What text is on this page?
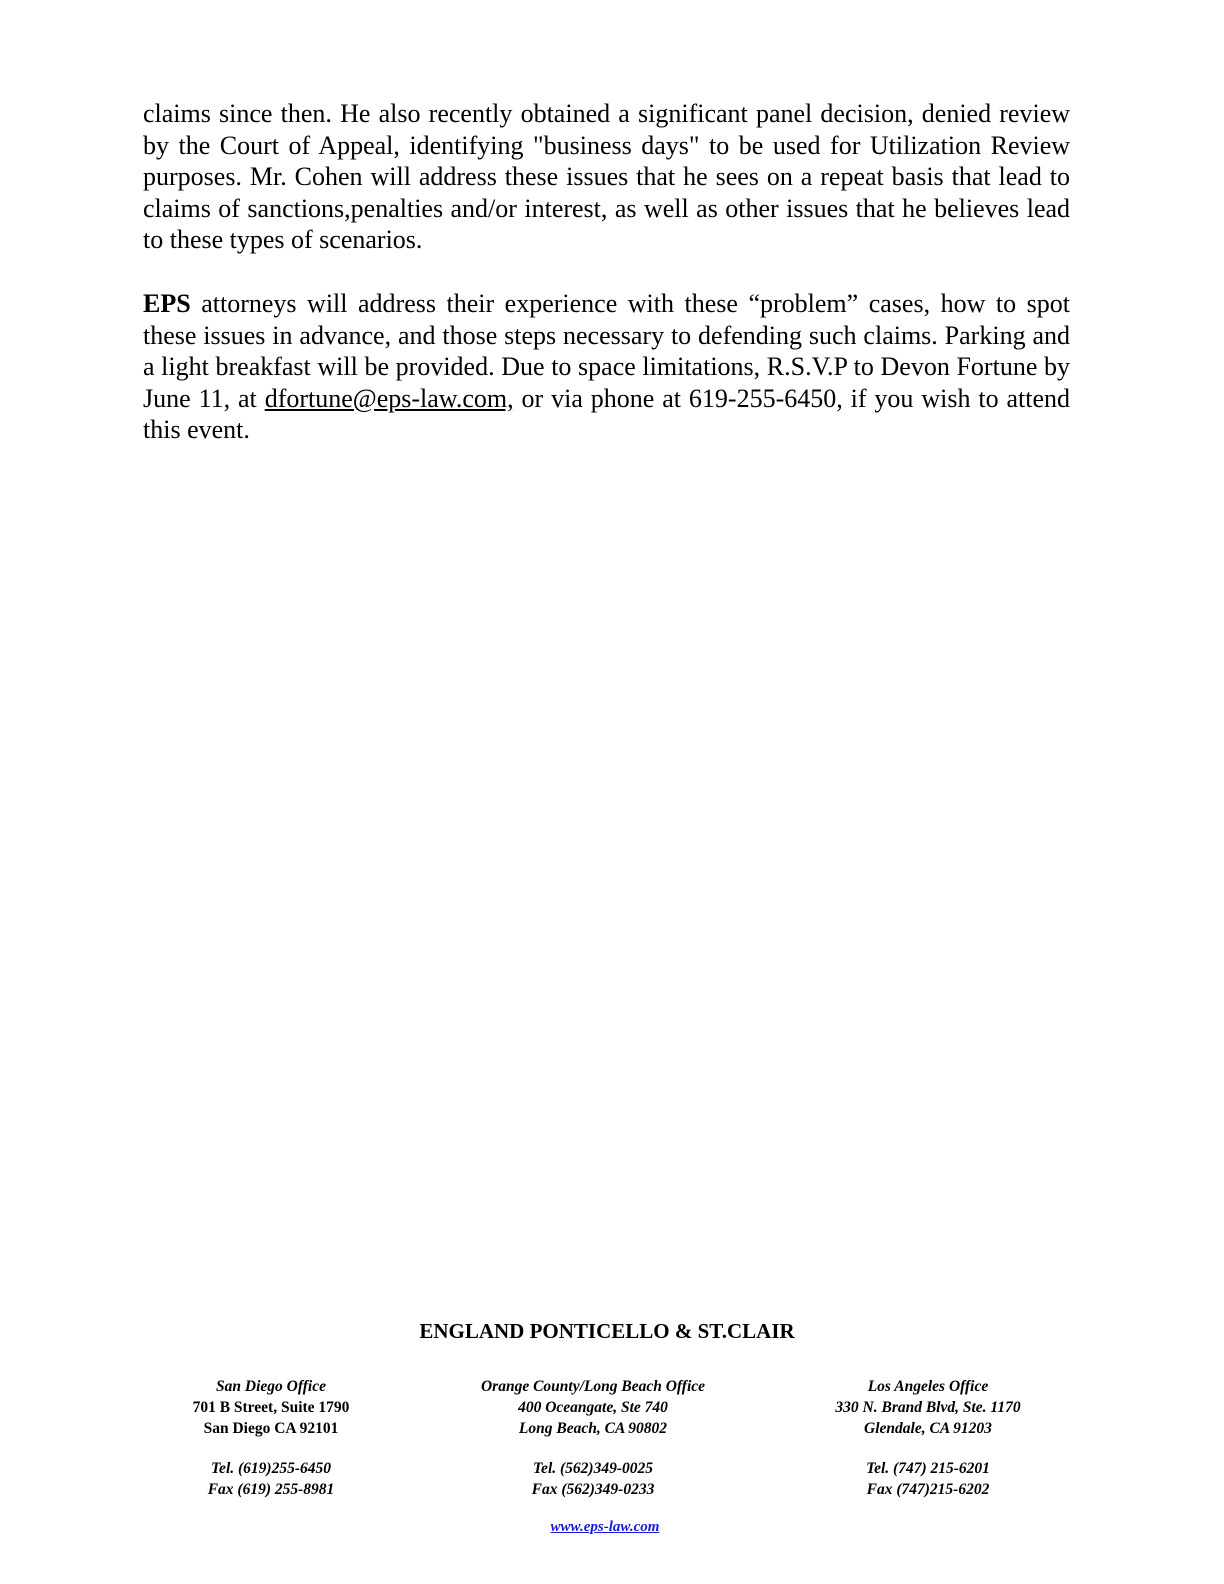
claims since then. He also recently obtained a significant panel decision, denied review by the Court of Appeal, identifying "business days" to be used for Utilization Review purposes. Mr. Cohen will address these issues that he sees on a repeat basis that lead to claims of sanctions,penalties and/or interest, as well as other issues that he believes lead to these types of scenarios.

EPS attorneys will address their experience with these “problem” cases, how to spot these issues in advance, and those steps necessary to defending such claims. Parking and a light breakfast will be provided. Due to space limitations, R.S.V.P to Devon Fortune by June 11, at dfortune@eps-law.com, or via phone at 619-255-6450, if you wish to attend this event.

ENGLAND PONTICELLO & ST.CLAIR

San Diego Office
701 B Street, Suite 1790
San Diego CA 92101
Tel. (619)255-6450
Fax (619) 255-8981
Orange County/Long Beach Office
400 Oceangate, Ste 740
Long Beach, CA 90802
Tel. (562)349-0025
Fax (562)349-0233
Los Angeles Office
330 N. Brand Blvd, Ste. 1170
Glendale, CA 91203
Tel. (747) 215-6201
Fax (747)215-6202
www.eps-law.com
